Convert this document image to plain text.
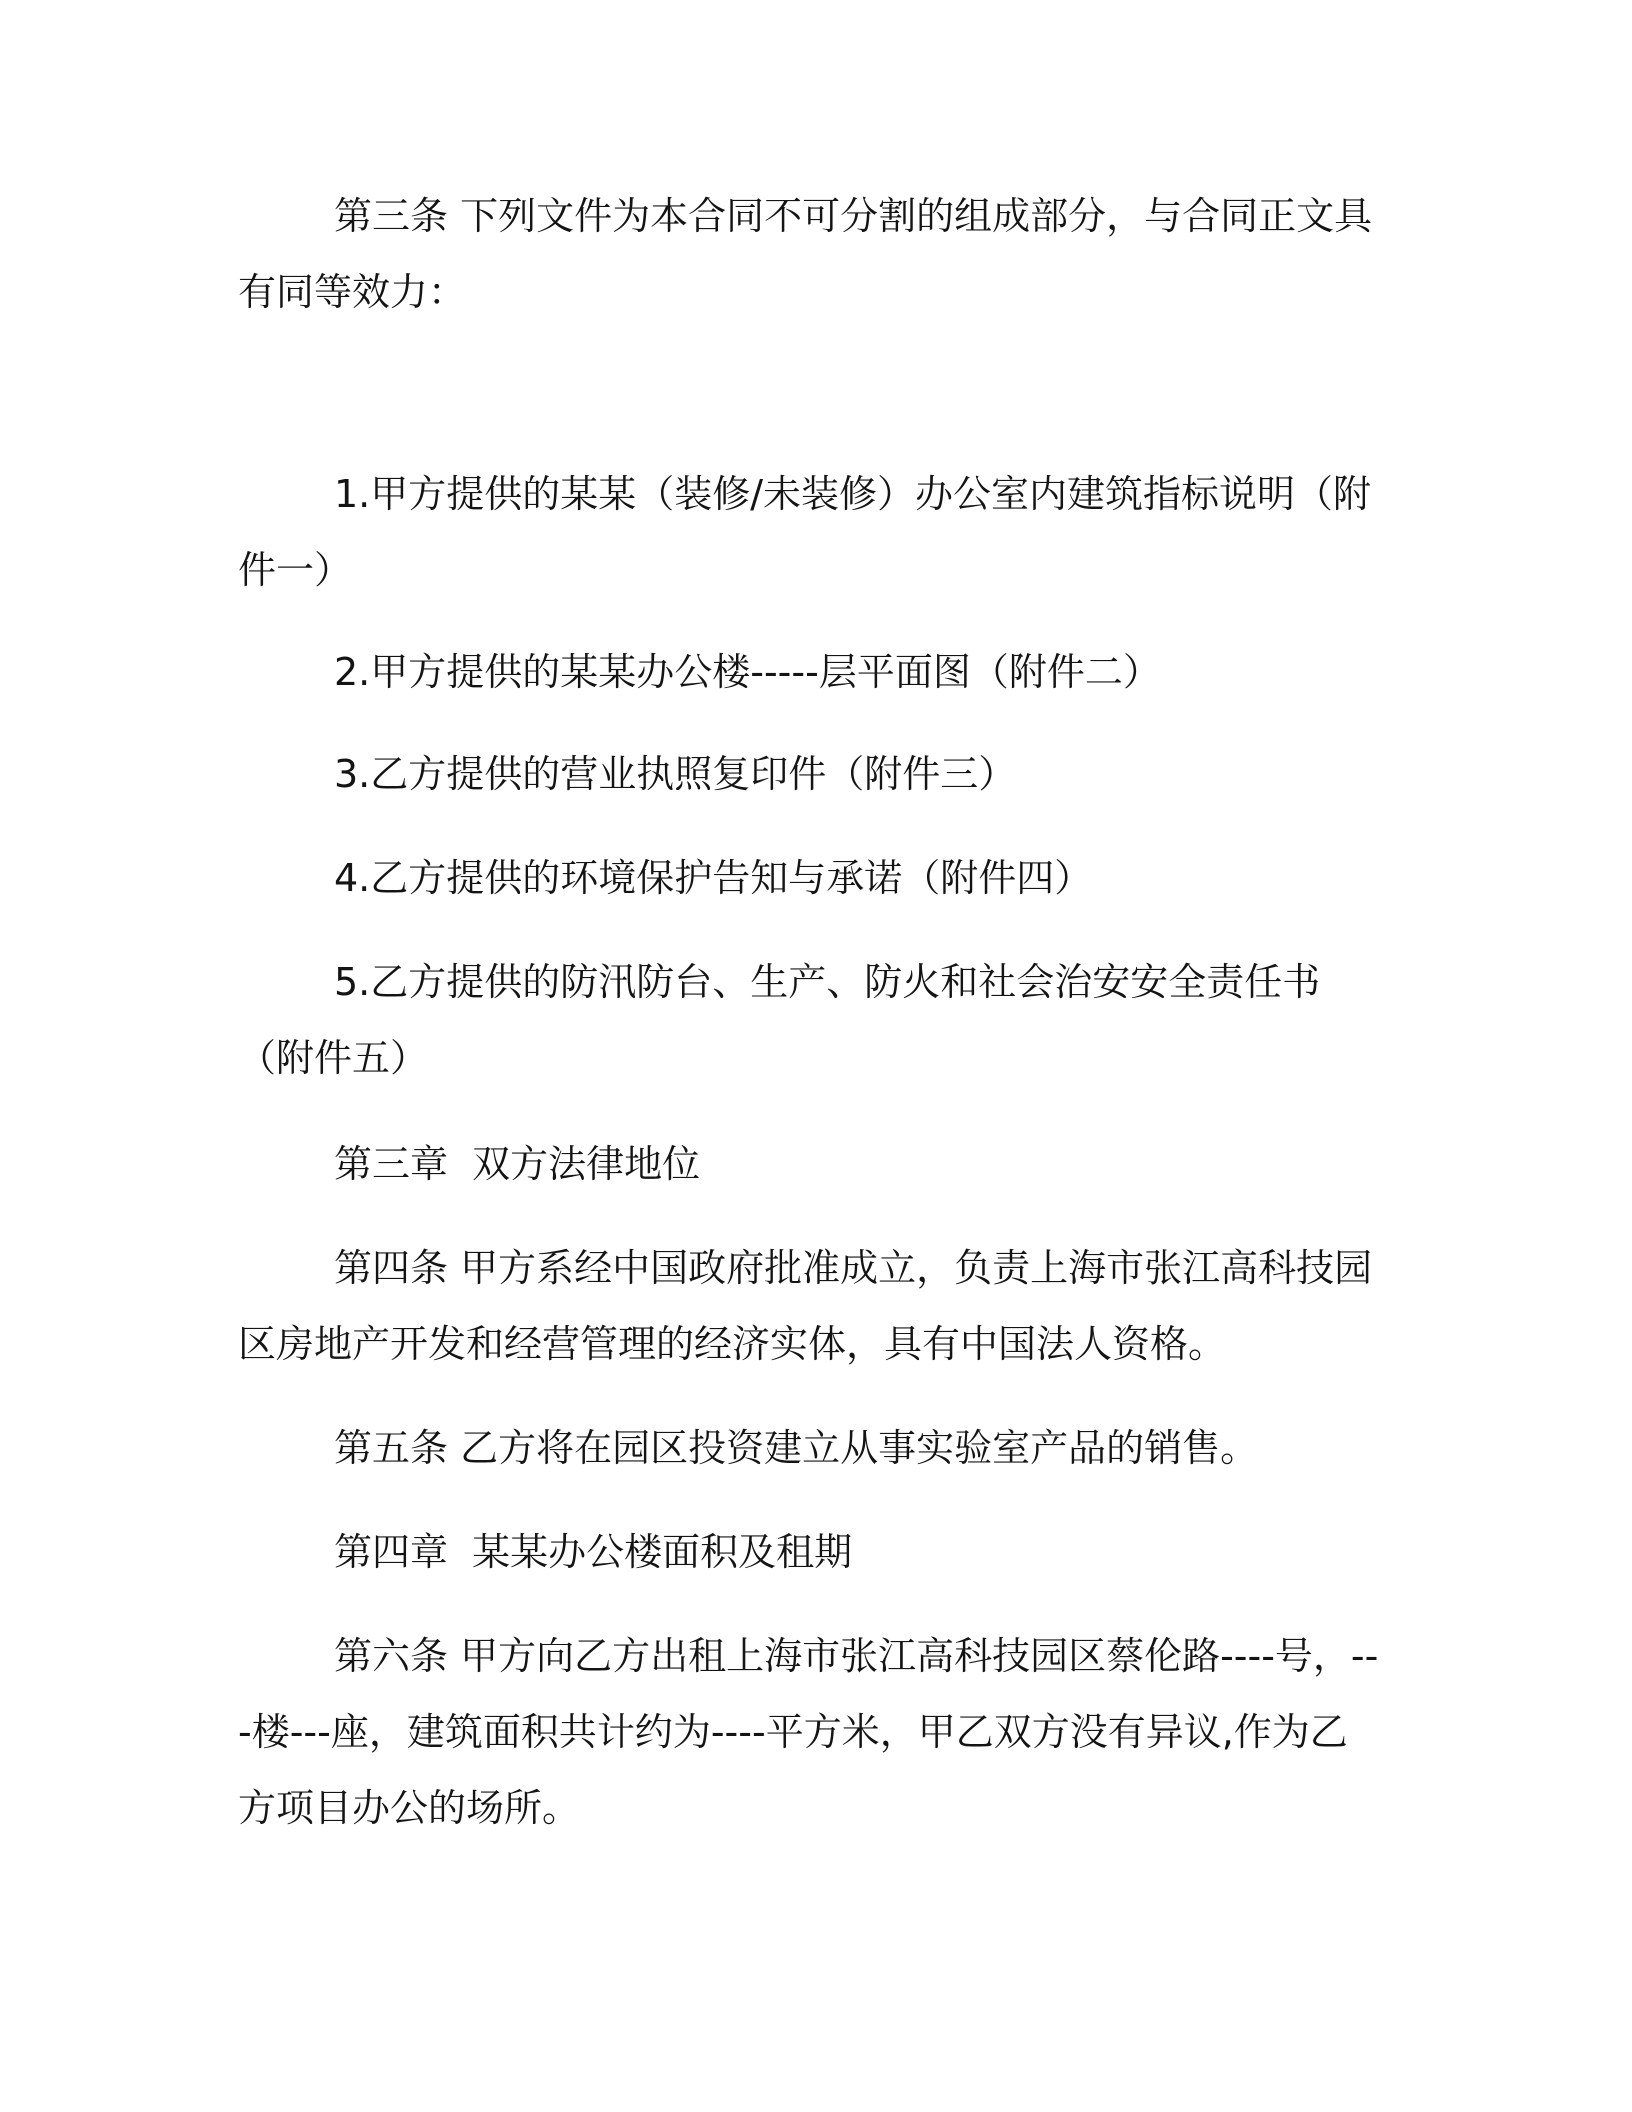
第三条 下列文件为本合同不可分割的组成部分，与合同正文具有同等效力：

1.甲方提供的某某（装修/未装修）办公室内建筑指标说明（附件一）

2.甲方提供的某某办公楼-----层平面图（附件二）

3.乙方提供的营业执照复印件（附件三）

4.乙方提供的环境保护告知与承诺（附件四）

5.乙方提供的防汛防台、生产、防火和社会治安安全责任书（附件五）

第三章  双方法律地位

第四条 甲方系经中国政府批准成立，负责上海市张江高科技园区房地产开发和经营管理的经济实体，具有中国法人资格。

第五条 乙方将在园区投资建立从事实验室产品的销售。

第四章  某某办公楼面积及租期

第六条 甲方向乙方出租上海市张江高科技园区蔡伦路----号，---楼---座，建筑面积共计约为----平方米，甲乙双方没有异议,作为乙方项目办公的场所。
